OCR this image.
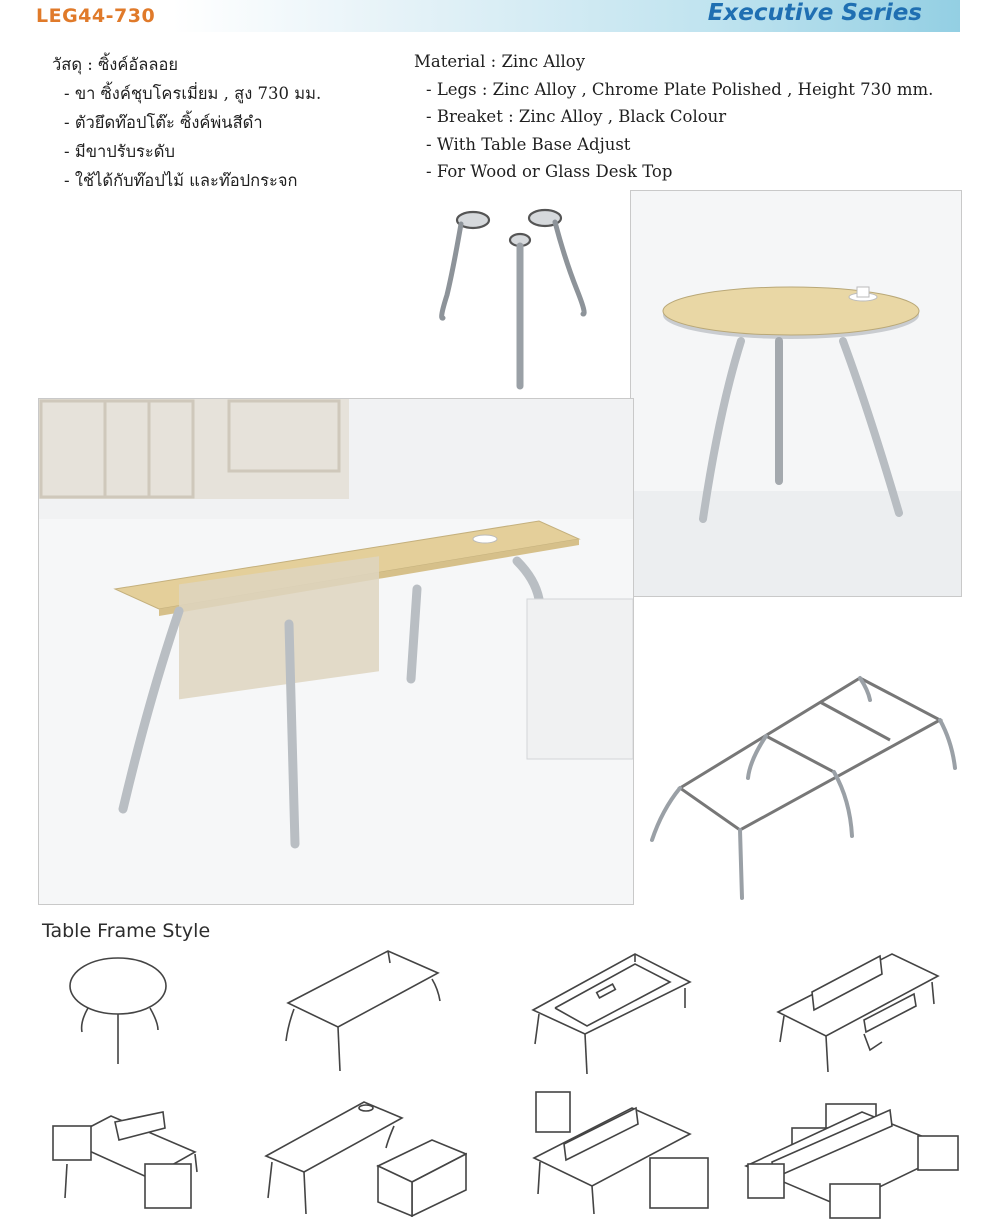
LEG44-730	Executive Series
วัสดุ : ซิ้งค์อัลลอย
- ขา ซิ้งค์ชุบโครเมี่ยม , สูง 730 มม.
- ตัวยึดท๊อปโต๊ะ ซิ้งค์พ่นสีดำ
- มีขาปรับระดับ
- ใช้ได้กับท๊อปไม้ และท๊อปกระจก
Material : Zinc Alloy
- Legs : Zinc Alloy , Chrome Plate Polished , Height 730 mm.
- Breaket : Zinc Alloy , Black Colour
- With Table Base Adjust
- For Wood or Glass Desk Top
Table Frame Style
